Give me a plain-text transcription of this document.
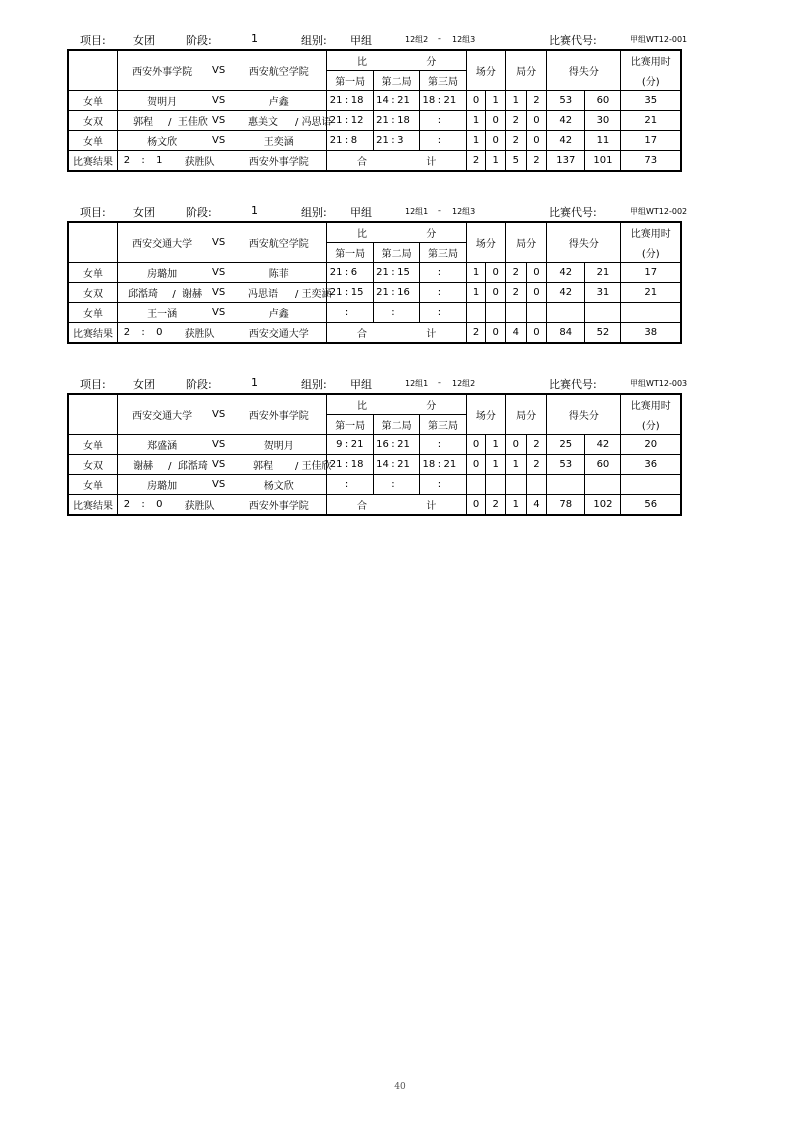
项目: 女团	阶段:	1	组别: 甲组	12组2 - 12组3	比赛代号:	甲组WT12-001
	西安外事学院		VS	西安航空学院		比 分									场分		局分		得失分		比赛用时
						第一局			第二局			第三局									(分)
女单	贺明月		VS	卢鑫		21	:	18	14	:	21	18	:	21	0	1	1	2	53	60	35
女双	郭程	/ 王佳欣	VS	惠美文	/ 冯思语	21	:	12	21	:	18		:		1	0	2	0	42	30	21
女单	杨文欣		VS	王奕涵		21	:	8	21	:	3		:		1	0	2	0	42	11	17
比赛结果	2 : 1	获胜队		西安外事学院		合 计									2	1	5	2	137	101	73
项目: 女团	阶段:	1	组别: 甲组	12组1 - 12组3	比赛代号:	甲组WT12-002
	西安交通大学		VS	西安航空学院		比 分									场分		局分		得失分		比赛用时
						第一局			第二局			第三局									(分)
女单	房璐加		VS	陈菲		21	:	6	21	:	15		:		1	0	2	0	42	21	17
女双	邱湉琦	/ 谢赫	VS	冯思语	/ 王奕涵	21	:	15	21	:	16		:		1	0	2	0	42	31	21
女单	王一涵		VS	卢鑫			:			:			:								
比赛结果	2 : 0	获胜队		西安交通大学		合 计									2	0	4	0	84	52	38
项目: 女团	阶段:	1	组别: 甲组	12组1 - 12组2	比赛代号:	甲组WT12-003
	西安交通大学		VS	西安外事学院		比 分									场分		局分		得失分		比赛用时
						第一局			第二局			第三局									(分)
女单	郑盛涵		VS	贺明月		9	:	21	16	:	21		:		0	1	0	2	25	42	20
女双	谢赫	/ 邱湉琦	VS	郭程	/ 王佳欣	21	:	18	14	:	21	18	:	21	0	1	1	2	53	60	36
女单	房璐加		VS	杨文欣			:			:			:								
比赛结果	2 : 0	获胜队		西安外事学院		合 计									0	2	1	4	78	102	56
40
